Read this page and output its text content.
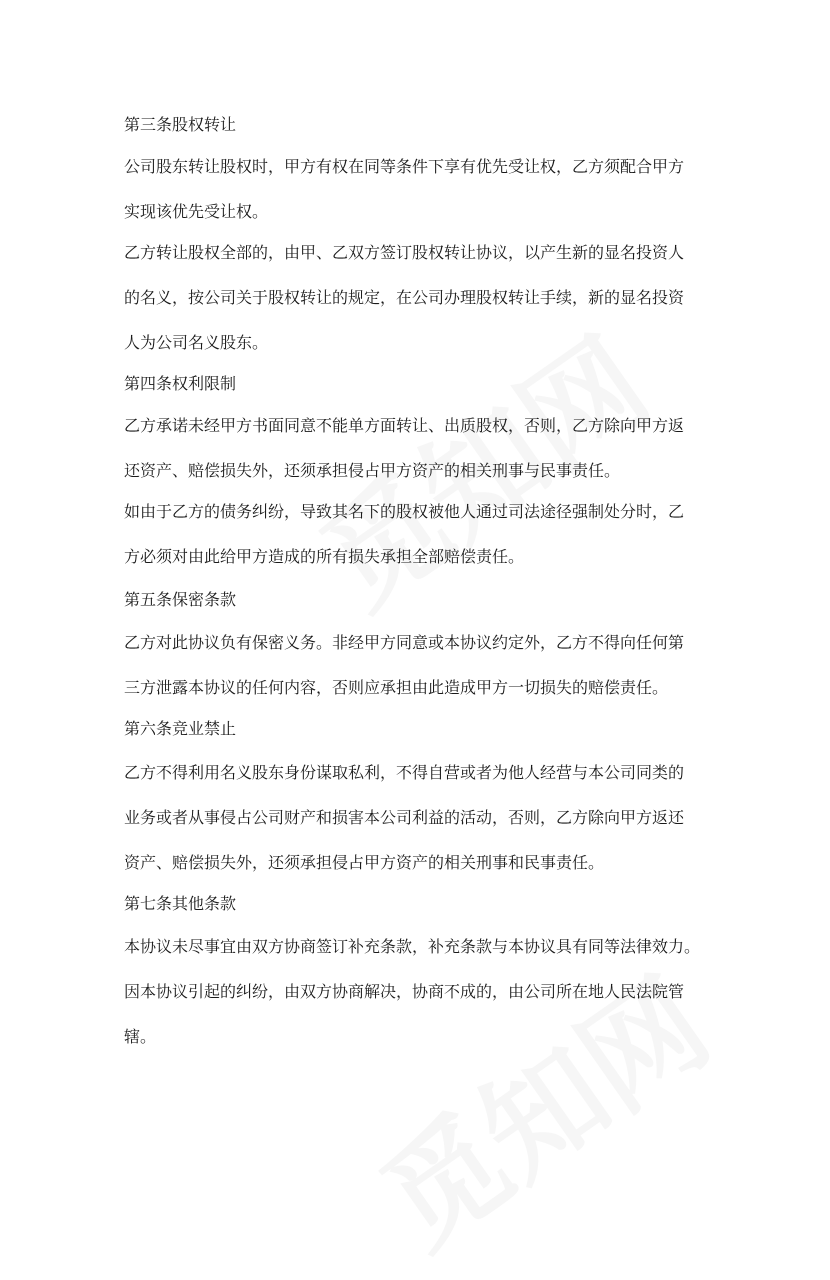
第三条股权转让
公司股东转让股权时，甲方有权在同等条件下享有优先受让权，乙方须配合甲方
实现该优先受让权。
乙方转让股权全部的，由甲、乙双方签订股权转让协议，以产生新的显名投资人
的名义，按公司关于股权转让的规定，在公司办理股权转让手续，新的显名投资
人为公司名义股东。
第四条权利限制
乙方承诺未经甲方书面同意不能单方面转让、出质股权，否则，乙方除向甲方返
还资产、赔偿损失外，还须承担侵占甲方资产的相关刑事与民事责任。
如由于乙方的债务纠纷，导致其名下的股权被他人通过司法途径强制处分时，乙
方必须对由此给甲方造成的所有损失承担全部赔偿责任。
第五条保密条款
乙方对此协议负有保密义务。非经甲方同意或本协议约定外，乙方不得向任何第
三方泄露本协议的任何内容，否则应承担由此造成甲方一切损失的赔偿责任。
第六条竞业禁止
乙方不得利用名义股东身份谋取私利，不得自营或者为他人经营与本公司同类的
业务或者从事侵占公司财产和损害本公司利益的活动，否则，乙方除向甲方返还
资产、赔偿损失外，还须承担侵占甲方资产的相关刑事和民事责任。
第七条其他条款
本协议未尽事宜由双方协商签订补充条款，补充条款与本协议具有同等法律效力。
因本协议引起的纠纷，由双方协商解决，协商不成的，由公司所在地人民法院管
辖。
